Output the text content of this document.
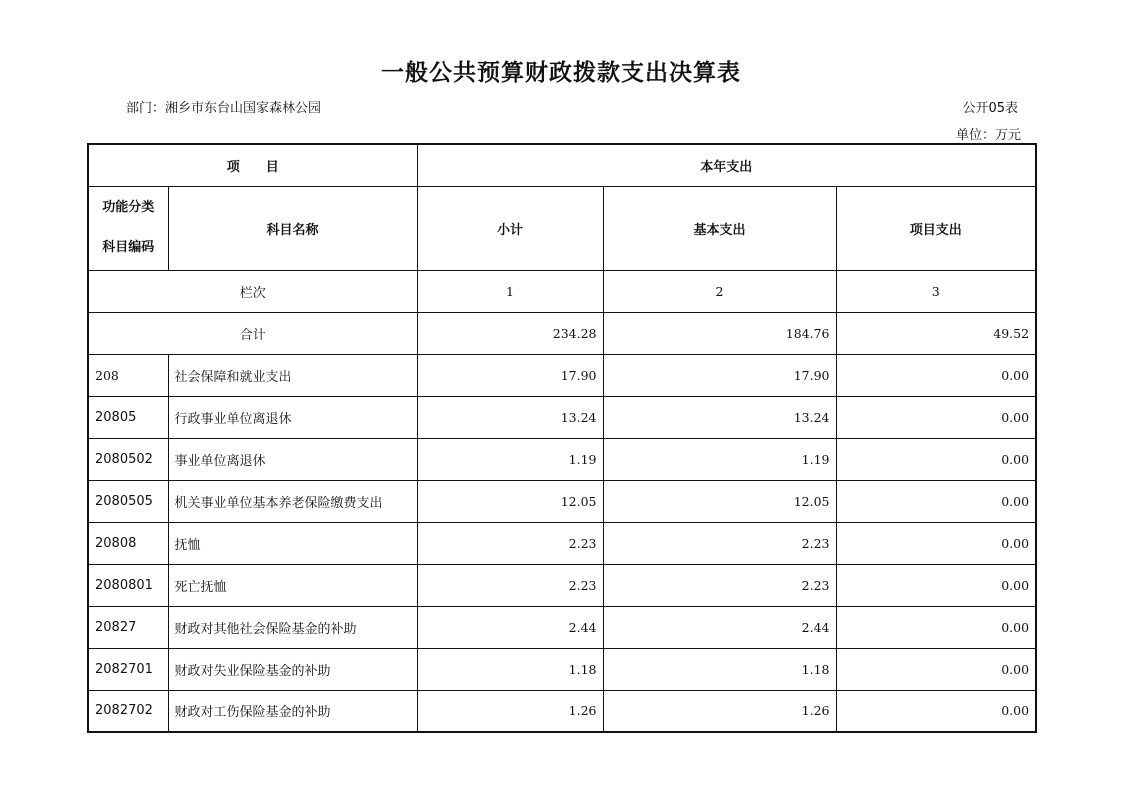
一般公共预算财政拨款支出决算表
部门：湘乡市东台山国家森林公园	公开05表
单位：万元
项　　目		本年支出		

功能分类
科目编码	科目名称	小计	基本支出	项目支出
栏次		1	2	3
合计		234.28	184.76	49.52
208	社会保障和就业支出	17.90	17.90	0.00
20805	行政事业单位离退休	13.24	13.24	0.00
2080502	事业单位离退休	1.19	1.19	0.00
2080505	机关事业单位基本养老保险缴费支出	12.05	12.05	0.00
20808	抚恤	2.23	2.23	0.00
2080801	死亡抚恤	2.23	2.23	0.00
20827	财政对其他社会保险基金的补助	2.44	2.44	0.00
2082701	财政对失业保险基金的补助	1.18	1.18	0.00
2082702	财政对工伤保险基金的补助	1.26	1.26	0.00
